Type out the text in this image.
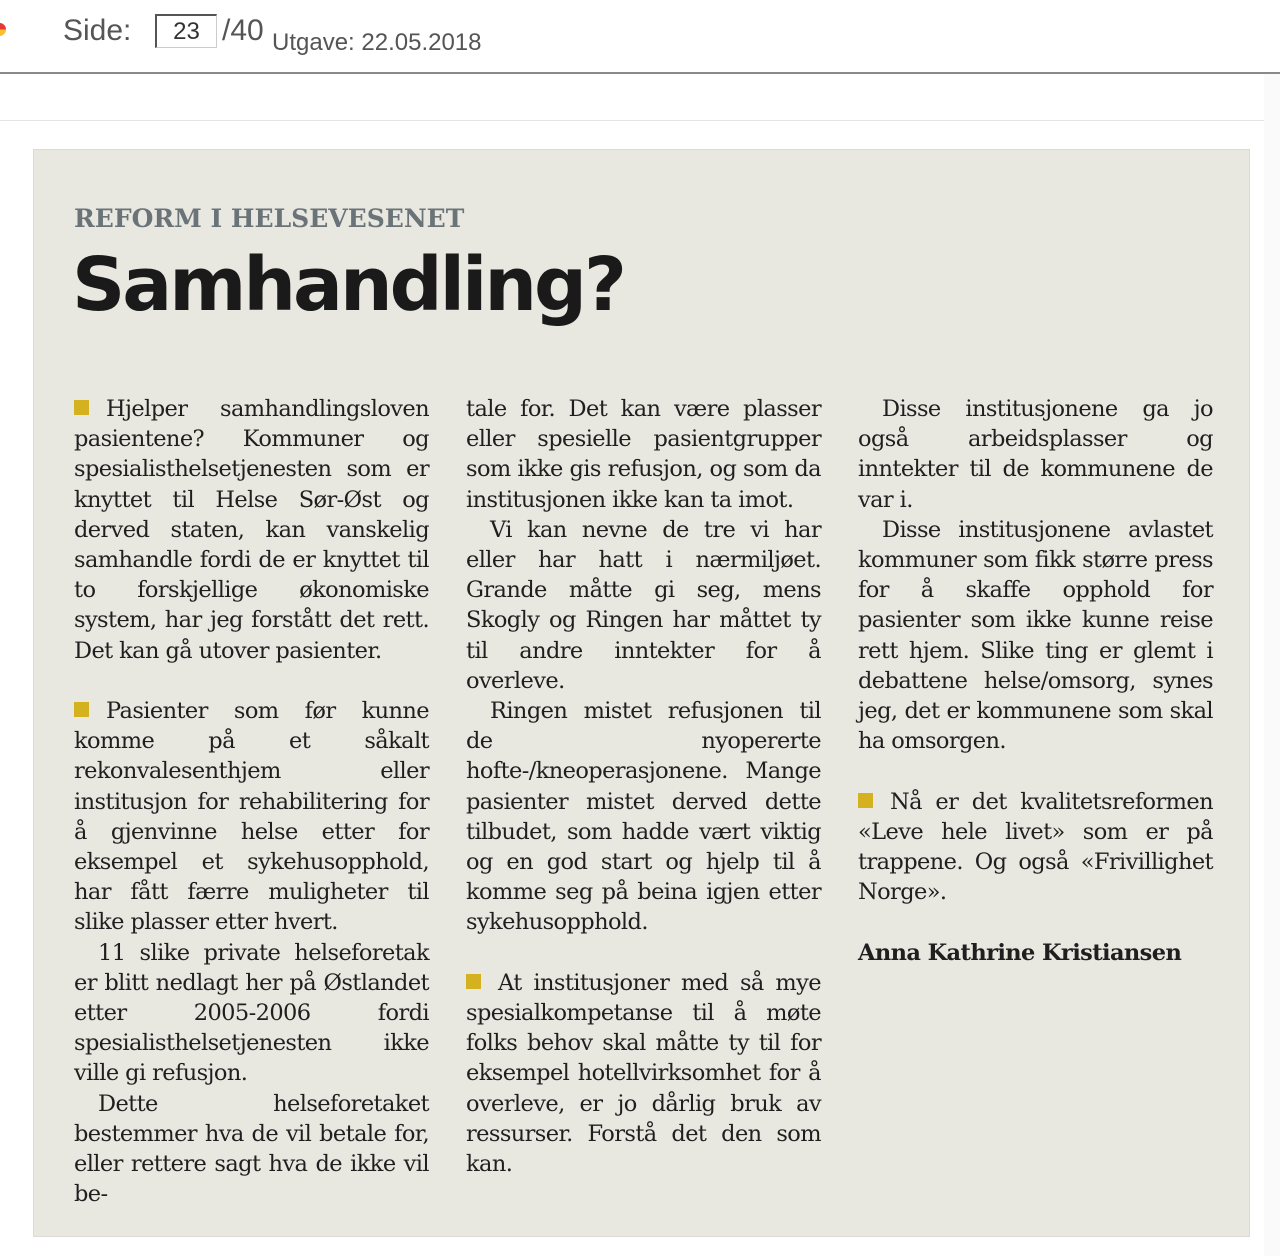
Side:
23	/40 Utgave: 22.05.2018
REFORM I HELSEVESENET
Samhandling?

Hjelper samhandlingsloven pasientene? Kommuner og spesialisthelsetjenesten som er knyttet til Helse Sør-Øst og derved staten, kan vanskelig samhandle fordi de er knyttet til to forskjellige økonomiske system, har jeg forstått det rett. Det kan gå utover pasienter.

Pasienter som før kunne komme på et såkalt rekonvalesenthjem eller institusjon for rehabilitering for å gjenvinne helse etter for eksempel et sykehusopphold, har fått færre muligheter til slike plasser etter hvert.

11 slike private helseforetak er blitt nedlagt her på Østlandet etter 2005-2006 fordi spesialisthelsetjenesten ikke ville gi refusjon.

Dette helseforetaket bestemmer hva de vil betale for, eller rettere sagt hva de ikke vil be-

tale for. Det kan være plasser eller spesielle pasientgrupper som ikke gis refusjon, og som da institusjonen ikke kan ta imot.

Vi kan nevne de tre vi har eller har hatt i nærmiljøet. Grande måtte gi seg, mens Skogly og Ringen har måttet ty til andre inntekter for å overleve.

Ringen mistet refusjonen til de nyopererte hofte-/kneoperasjonene. Mange pasienter mistet derved dette tilbudet, som hadde vært viktig og en god start og hjelp til å komme seg på beina igjen etter sykehusopphold.

At institusjoner med så mye spesialkompetanse til å møte folks behov skal måtte ty til for eksempel hotellvirksomhet for å overleve, er jo dårlig bruk av ressurser. Forstå det den som kan.

Disse institusjonene ga jo også arbeidsplasser og inntekter til de kommunene de var i.

Disse institusjonene avlastet kommuner som fikk større press for å skaffe opphold for pasienter som ikke kunne reise rett hjem. Slike ting er glemt i debattene helse/omsorg, synes jeg, det er kommunene som skal ha omsorgen.

Nå er det kvalitetsreformen «Leve hele livet» som er på trappene. Og også «Frivillighet Norge».

Anna Kathrine Kristiansen
